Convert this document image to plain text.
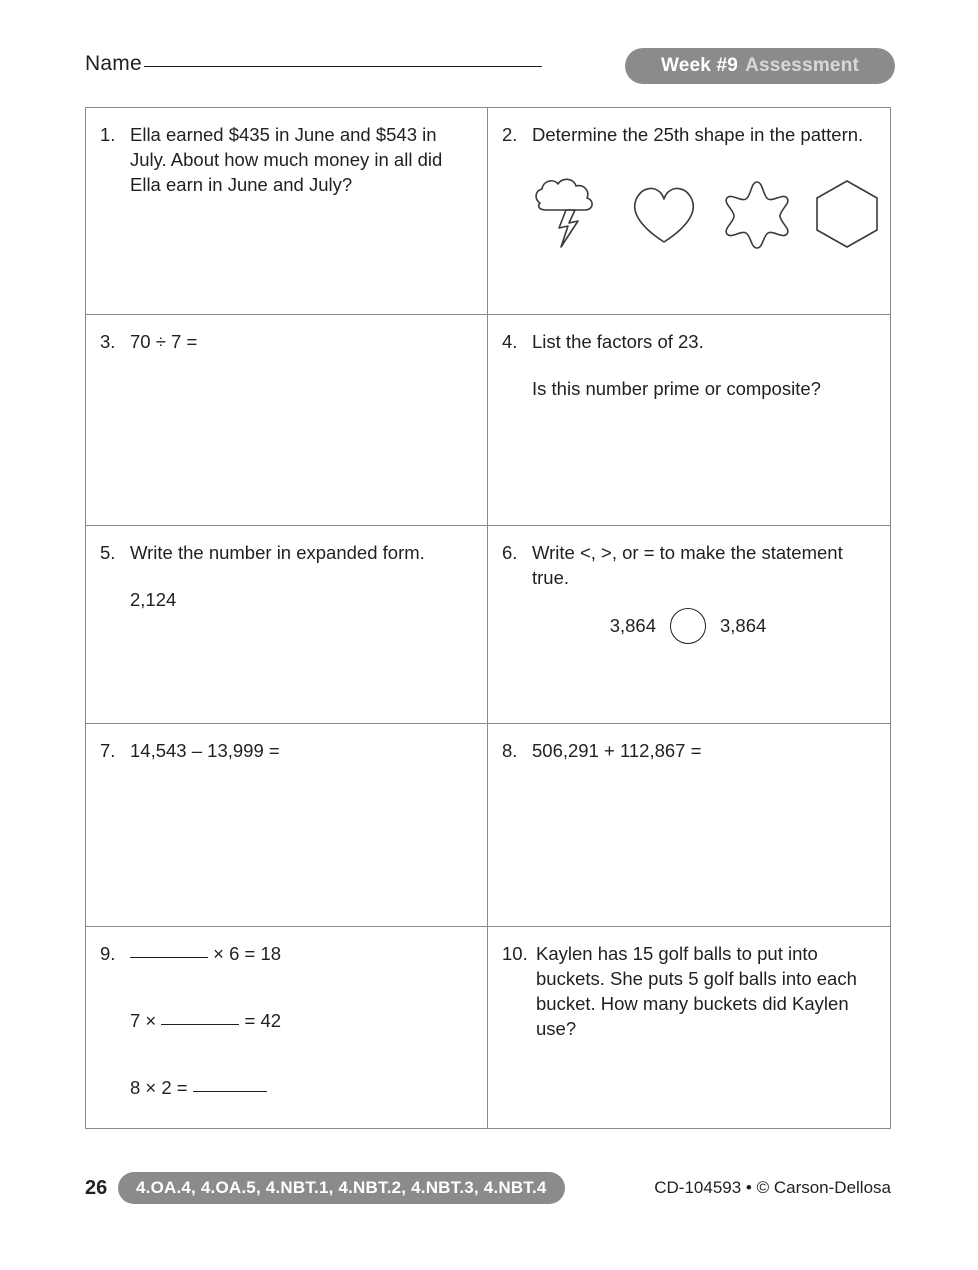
Name	Week #9 Assessment
1. Ella earned $435 in June and $543 in July. About how much money in all did Ella earn in June and July?
2. Determine the 25th shape in the pattern.
3. 70 ÷ 7 =	4. List the factors of 23.
Is this number prime or composite?
5. Write the number in expanded form.
2,124
6. Write <, >, or = to make the statement true.
3,864	3,864
7. 14,543 – 13,999 =	8. 506,291 + 112,867 =
9.	× 6 = 18
7 ×	= 42
8 × 2 =
10. Kaylen has 15 golf balls to put into buckets. She puts 5 golf balls into each bucket. How many buckets did Kaylen use?
26	4.OA.4, 4.OA.5, 4.NBT.1, 4.NBT.2, 4.NBT.3, 4.NBT.4	CD-104593 • © Carson-Dellosa
